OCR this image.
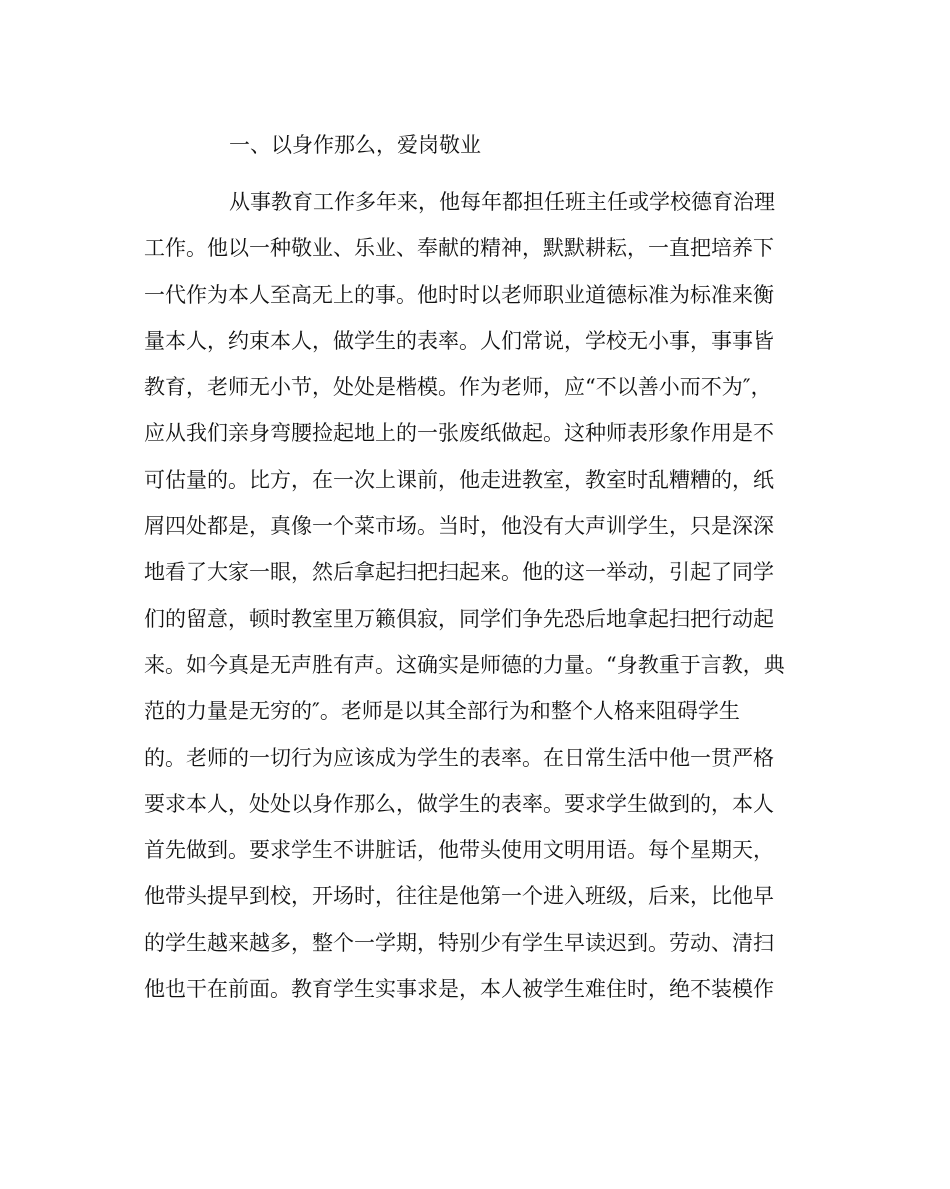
一、以身作那么，爱岗敬业
从事教育工作多年来，他每年都担任班主任或学校德育治理
工作。他以一种敬业、乐业、奉献的精神，默默耕耘，一直把培养下
一代作为本人至高无上的事。他时时以老师职业道德标准为标准来衡
量本人，约束本人，做学生的表率。人们常说，学校无小事，事事皆
教育，老师无小节，处处是楷模。作为老师，应“不以善小而不为″，
应从我们亲身弯腰捡起地上的一张废纸做起。这种师表形象作用是不
可估量的。比方，在一次上课前，他走进教室，教室时乱糟糟的，纸
屑四处都是，真像一个菜市场。当时，他没有大声训学生，只是深深
地看了大家一眼，然后拿起扫把扫起来。他的这一举动，引起了同学
们的留意，顿时教室里万籁俱寂，同学们争先恐后地拿起扫把行动起
来。如今真是无声胜有声。这确实是师德的力量。“身教重于言教，典
范的力量是无穷的″。老师是以其全部行为和整个人格来阻碍学生
的。老师的一切行为应该成为学生的表率。在日常生活中他一贯严格
要求本人，处处以身作那么，做学生的表率。要求学生做到的，本人
首先做到。要求学生不讲脏话，他带头使用文明用语。每个星期天，
他带头提早到校，开场时，往往是他第一个进入班级，后来，比他早
的学生越来越多，整个一学期，特别少有学生早读迟到。劳动、清扫
他也干在前面。教育学生实事求是，本人被学生难住时，绝不装模作
